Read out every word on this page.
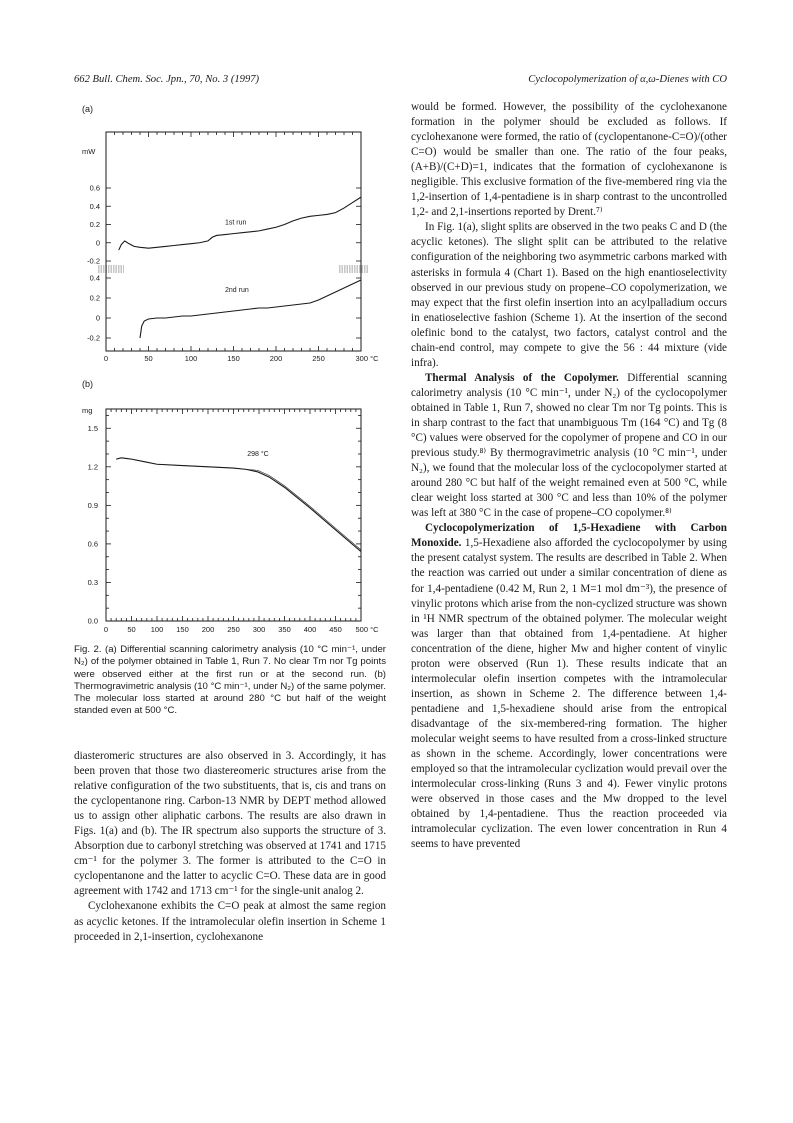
662 Bull. Chem. Soc. Jpn., 70, No. 3 (1997)	Cyclocopolymerization of α,ω-Dienes with CO
(a)
(b)
0	50	100	150	200	250	300 °C
mW
0.6
0.4
0.2
0
-0.2
0.4
0.2
0
-0.2
1st run
2nd run
0	50 100 150 200 250 300 350 400 450 500 °C
1.5
1.2
0.9
0.6
0.3
0.0
mg
298 °C
Fig. 2. (a) Differential scanning calorimetry analysis (10 °C min⁻¹, under N₂) of the polymer obtained in Table 1, Run 7. No clear Tm nor Tg points were observed either at the first run or at the second run. (b) Thermogravimetric analysis (10 °C min⁻¹, under N₂) of the same polymer. The molecular loss started at around 280 °C but half of the weight standed even at 500 °C.

diasteromeric structures are also observed in 3. Accordingly, it has been proven that those two diastereomeric structures arise from the relative configuration of the two substituents, that is, cis and trans on the cyclopentanone ring. Carbon-13 NMR by DEPT method allowed us to assign other aliphatic carbons. The results are also drawn in Figs. 1(a) and (b). The IR spectrum also supports the structure of 3. Absorption due to carbonyl stretching was observed at 1741 and 1715 cm⁻¹ for the polymer 3. The former is attributed to the C=O in cyclopentanone and the latter to acyclic C=O. These data are in good agreement with 1742 and 1713 cm⁻¹ for the single-unit analog 2.

Cyclohexanone exhibits the C=O peak at almost the same region as acyclic ketones. If the intramolecular olefin insertion in Scheme 1 proceeded in 2,1-insertion, cyclohexanone

would be formed. However, the possibility of the cyclohexanone formation in the polymer should be excluded as follows. If cyclohexanone were formed, the ratio of (cyclopentanone-C=O)/(other C=O) would be smaller than one. The ratio of the four peaks, (A+B)/(C+D)=1, indicates that the formation of cyclohexanone is negligible. This exclusive formation of the five-membered ring via the 1,2-insertion of 1,4-pentadiene is in sharp contrast to the uncontrolled 1,2- and 2,1-insertions reported by Drent.⁷⁾

In Fig. 1(a), slight splits are observed in the two peaks C and D (the acyclic ketones). The slight split can be attributed to the relative configuration of the neighboring two asymmetric carbons marked with asterisks in formula 4 (Chart 1). Based on the high enantioselectivity observed in our previous study on propene–CO copolymerization, we may expect that the first olefin insertion into an acylpalladium occurs in enatioselective fashion (Scheme 1). At the insertion of the second olefinic bond to the catalyst, two factors, catalyst control and the chain-end control, may compete to give the 56 : 44 mixture (vide infra).

Thermal Analysis of the Copolymer. Differential scanning calorimetry analysis (10 °C min⁻¹, under N₂) of the cyclocopolymer obtained in Table 1, Run 7, showed no clear Tm nor Tg points. This is in sharp contrast to the fact that unambiguous Tm (164 °C) and Tg (8 °C) values were observed for the copolymer of propene and CO in our previous study.⁸⁾ By thermogravimetric analysis (10 °C min⁻¹, under N₂), we found that the molecular loss of the cyclocopolymer started at around 280 °C but half of the weight remained even at 500 °C, while clear weight loss started at 300 °C and less than 10% of the polymer was left at 380 °C in the case of propene–CO copolymer.⁸⁾

Cyclocopolymerization of 1,5-Hexadiene with Carbon Monoxide. 1,5-Hexadiene also afforded the cyclocopolymer by using the present catalyst system. The results are described in Table 2. When the reaction was carried out under a similar concentration of diene as for 1,4-pentadiene (0.42 M, Run 2, 1 M=1 mol dm⁻³), the presence of vinylic protons which arise from the non-cyclized structure was shown in ¹H NMR spectrum of the obtained polymer. The molecular weight was larger than that obtained from 1,4-pentadiene. At higher concentration of the diene, higher Mw and higher content of vinylic proton were observed (Run 1). These results indicate that an intermolecular olefin insertion competes with the intramolecular insertion, as shown in Scheme 2. The difference between 1,4-pentadiene and 1,5-hexadiene should arise from the entropical disadvantage of the six-membered-ring formation. The higher molecular weight seems to have resulted from a cross-linked structure as shown in the scheme. Accordingly, lower concentrations were employed so that the intramolecular cyclization would prevail over the intermolecular cross-linking (Runs 3 and 4). Fewer vinylic protons were observed in those cases and the Mw dropped to the level obtained by 1,4-pentadiene. Thus the reaction proceeded via intramolecular cyclization. The even lower concentration in Run 4 seems to have prevented
